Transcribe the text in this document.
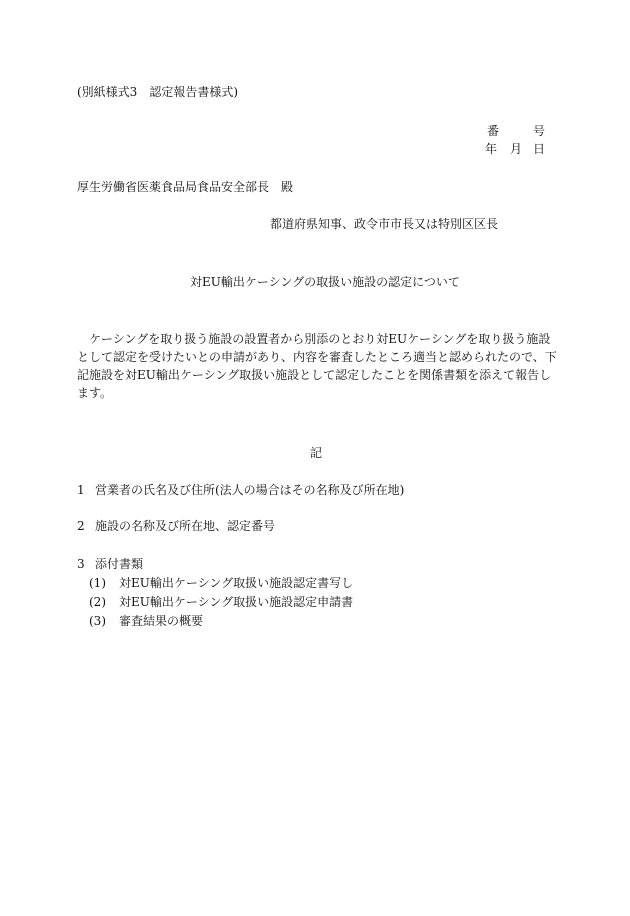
(別紙様式3　認定報告書様式)
番	号
年 月 日
厚生労働省医薬食品局食品安全部長　殿
都道府県知事、政令市市長又は特別区区長
対EU輸出ケーシングの取扱い施設の認定について
ケーシングを取り扱う施設の設置者から別添のとおり対EUケーシングを取り扱う施設として認定を受けたいとの申請があり、内容を審査したところ適当と認められたので、下記施設を対EU輸出ケーシング取扱い施設として認定したことを関係書類を添えて報告します。
記
1 営業者の氏名及び住所(法人の場合はその名称及び所在地)
2 施設の名称及び所在地、認定番号
3 添付書類
(1) 対EU輸出ケーシング取扱い施設認定書写し
(2) 対EU輸出ケーシング取扱い施設認定申請書
(3) 審査結果の概要
